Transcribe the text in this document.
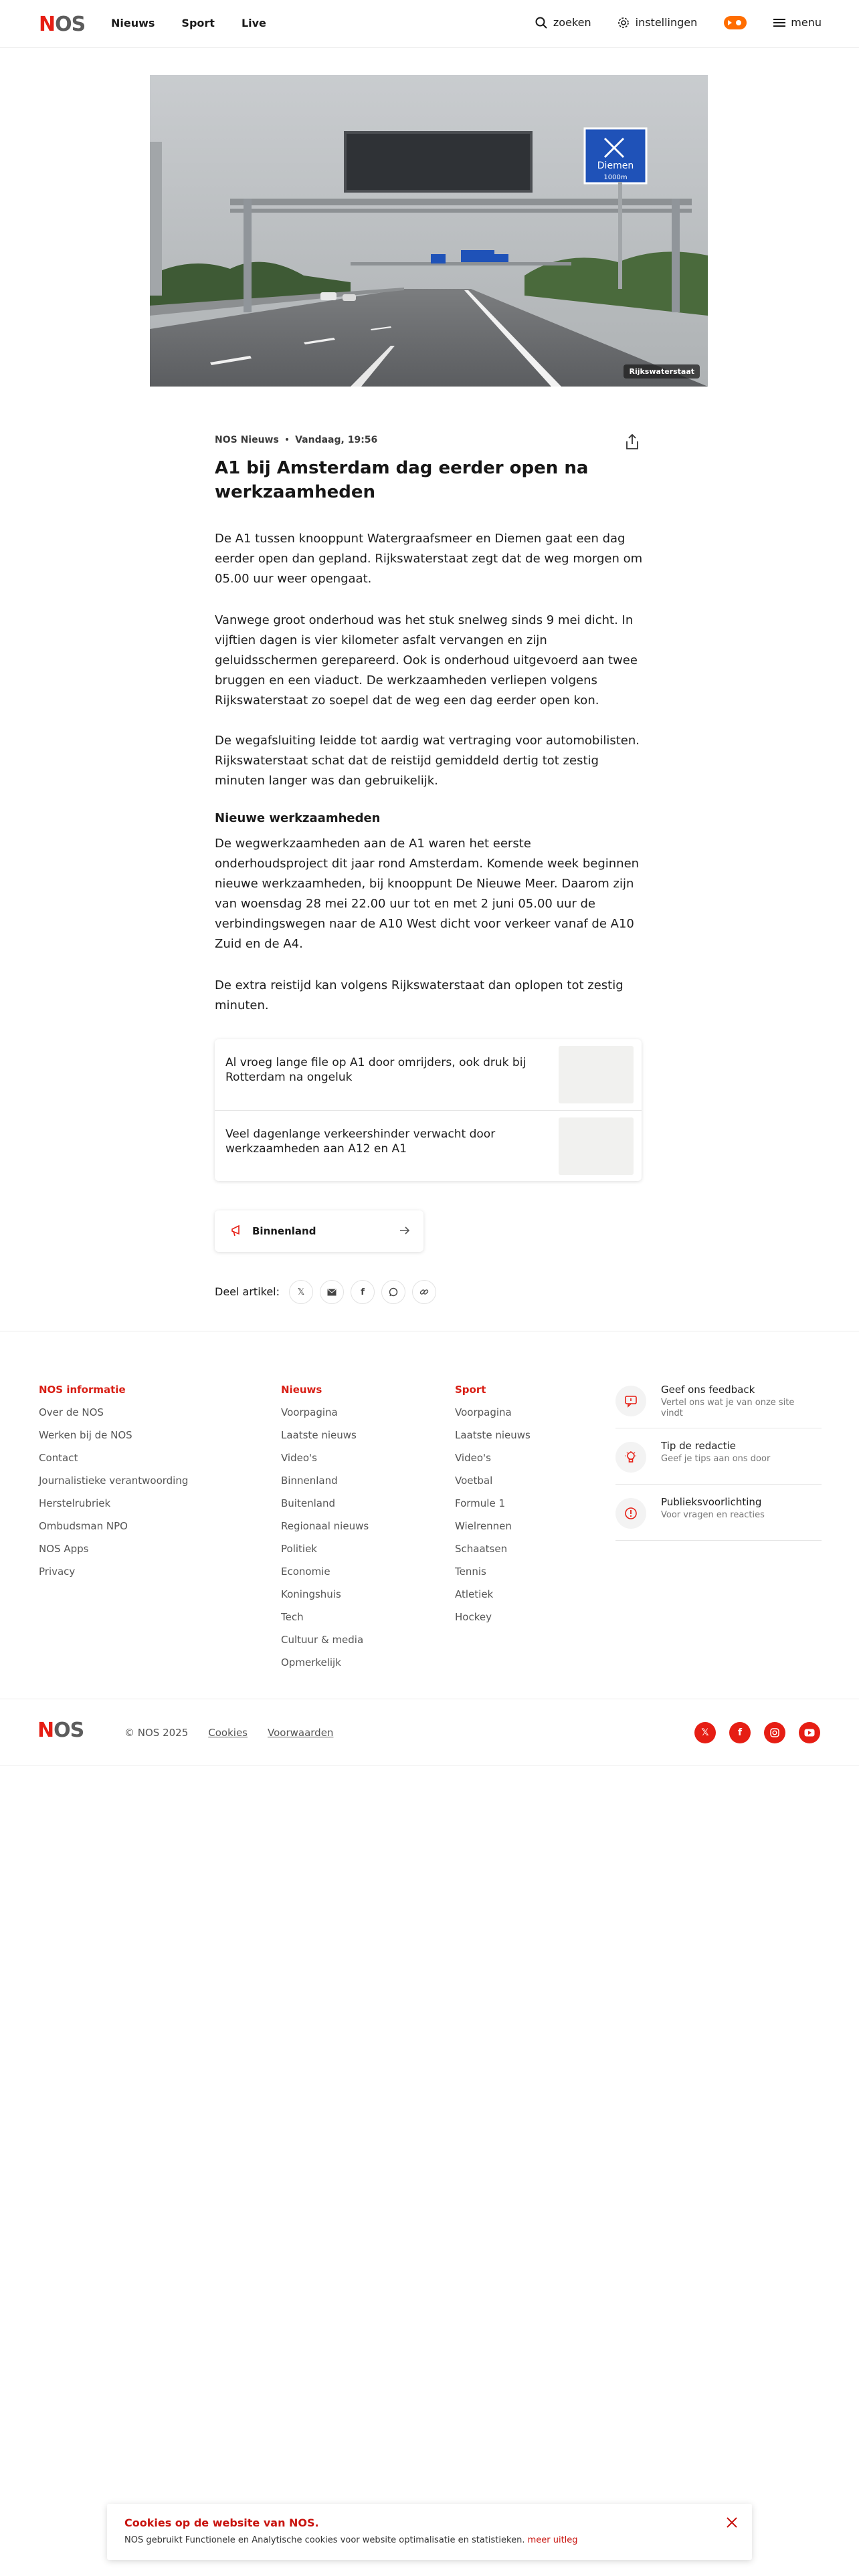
NOS Nieuws	Sport	Live	zoeken	instellingen	menu
Diemen
1000m
Rijkswaterstaat
NOS Nieuws • Vandaag, 19:56
A1 bij Amsterdam dag eerder open na werkzaamheden

De A1 tussen knooppunt Watergraafsmeer en Diemen gaat een dag eerder open dan gepland. Rijkswaterstaat zegt dat de weg morgen om 05.00 uur weer opengaat.

Vanwege groot onderhoud was het stuk snelweg sinds 9 mei dicht. In vijftien dagen is vier kilometer asfalt vervangen en zijn geluidsschermen gerepareerd. Ook is onderhoud uitgevoerd aan twee bruggen en een viaduct. De werkzaamheden verliepen volgens Rijkswaterstaat zo soepel dat de weg een dag eerder open kon.

De wegafsluiting leidde tot aardig wat vertraging voor automobilisten. Rijkswaterstaat schat dat de reistijd gemiddeld dertig tot zestig minuten langer was dan gebruikelijk.

Nieuwe werkzaamheden

De wegwerkzaamheden aan de A1 waren het eerste onderhoudsproject dit jaar rond Amsterdam. Komende week beginnen nieuwe werkzaamheden, bij knooppunt De Nieuwe Meer. Daarom zijn van woensdag 28 mei 22.00 uur tot en met 2 juni 05.00 uur de verbindingswegen naar de A10 West dicht voor verkeer vanaf de A10 Zuid en de A4.

De extra reistijd kan volgens Rijkswaterstaat dan oplopen tot zestig minuten.

Al vroeg lange file op A1 door omrijders, ook druk bij Rotterdam na ongeluk
Veel dagenlange verkeershinder verwacht door werkzaamheden aan A12 en A1
Binnenland
Deel artikel: 𝕏	f
NOS informatie
Over de NOS
Werken bij de NOS
Contact
Journalistieke verantwoording
Herstelrubriek
Ombudsman NPO
NOS Apps
Privacy
Nieuws
Voorpagina
Laatste nieuws
Video's
Binnenland
Buitenland
Regionaal nieuws
Politiek
Economie
Koningshuis
Tech
Cultuur & media
Opmerkelijk
Sport
Voorpagina
Laatste nieuws
Video's
Voetbal
Formule 1
Wielrennen
Schaatsen
Tennis
Atletiek
Hockey
Geef ons feedback
Vertel ons wat je van onze site vindt
Tip de redactie
Geef je tips aan ons door
Publieksvoorlichting
Voor vragen en reacties
NOS	© NOS 2025 Cookies Voorwaarden	𝕏	f
Cookies op de website van NOS.
NOS gebruikt Functionele en Analytische cookies voor website optimalisatie en statistieken. meer uitleg
